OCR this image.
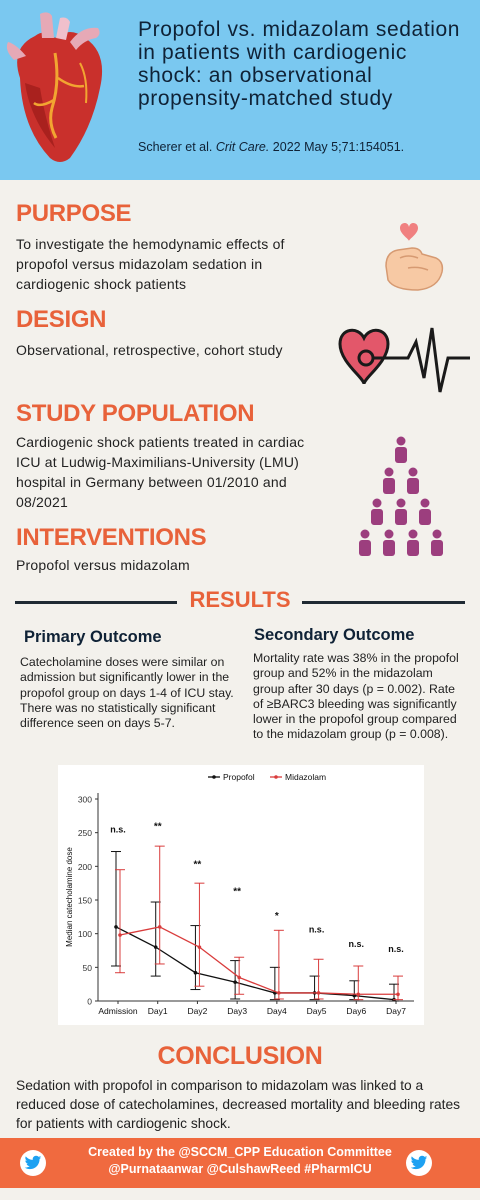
Propofol vs. midazolam sedation in patients with cardiogenic shock: an observational propensity-matched study
Scherer et al. Crit Care. 2022 May 5;71:154051.
PURPOSE
To investigate the hemodynamic effects of propofol versus midazolam sedation in cardiogenic shock patients
DESIGN
Observational, retrospective, cohort study
STUDY POPULATION
Cardiogenic shock patients treated in cardiac ICU at Ludwig-Maximilians-University (LMU) hospital in Germany between 01/2010 and 08/2021
INTERVENTIONS
Propofol versus midazolam
RESULTS
Primary Outcome
Catecholamine doses were similar on admission but significantly lower in the propofol group on days 1-4 of ICU stay. There was no statistically significant difference seen on days 5-7.
Secondary Outcome
Mortality rate was 38% in the propofol group and 52% in the midazolam group after 30 days (p = 0.002). Rate of ≥BARC3 bleeding was significantly lower in the propofol group compared to the midazolam group (p = 0.008).
0
50
100
150
200
250
300
Admission Day1 Day2 Day3 Day4 Day5 Day6 Day7
Median catecholamine dose
n.s.	**
**
**
*
n.s.
n.s.	n.s.
Propofol	Midazolam
CONCLUSION
Sedation with propofol in comparison to midazolam was linked to a reduced dose of catecholamines, decreased mortality and bleeding rates for patients with cardiogenic shock.
Created by the @SCCM_CPP Education Committee
@Purnataanwar @CulshawReed #PharmICU
